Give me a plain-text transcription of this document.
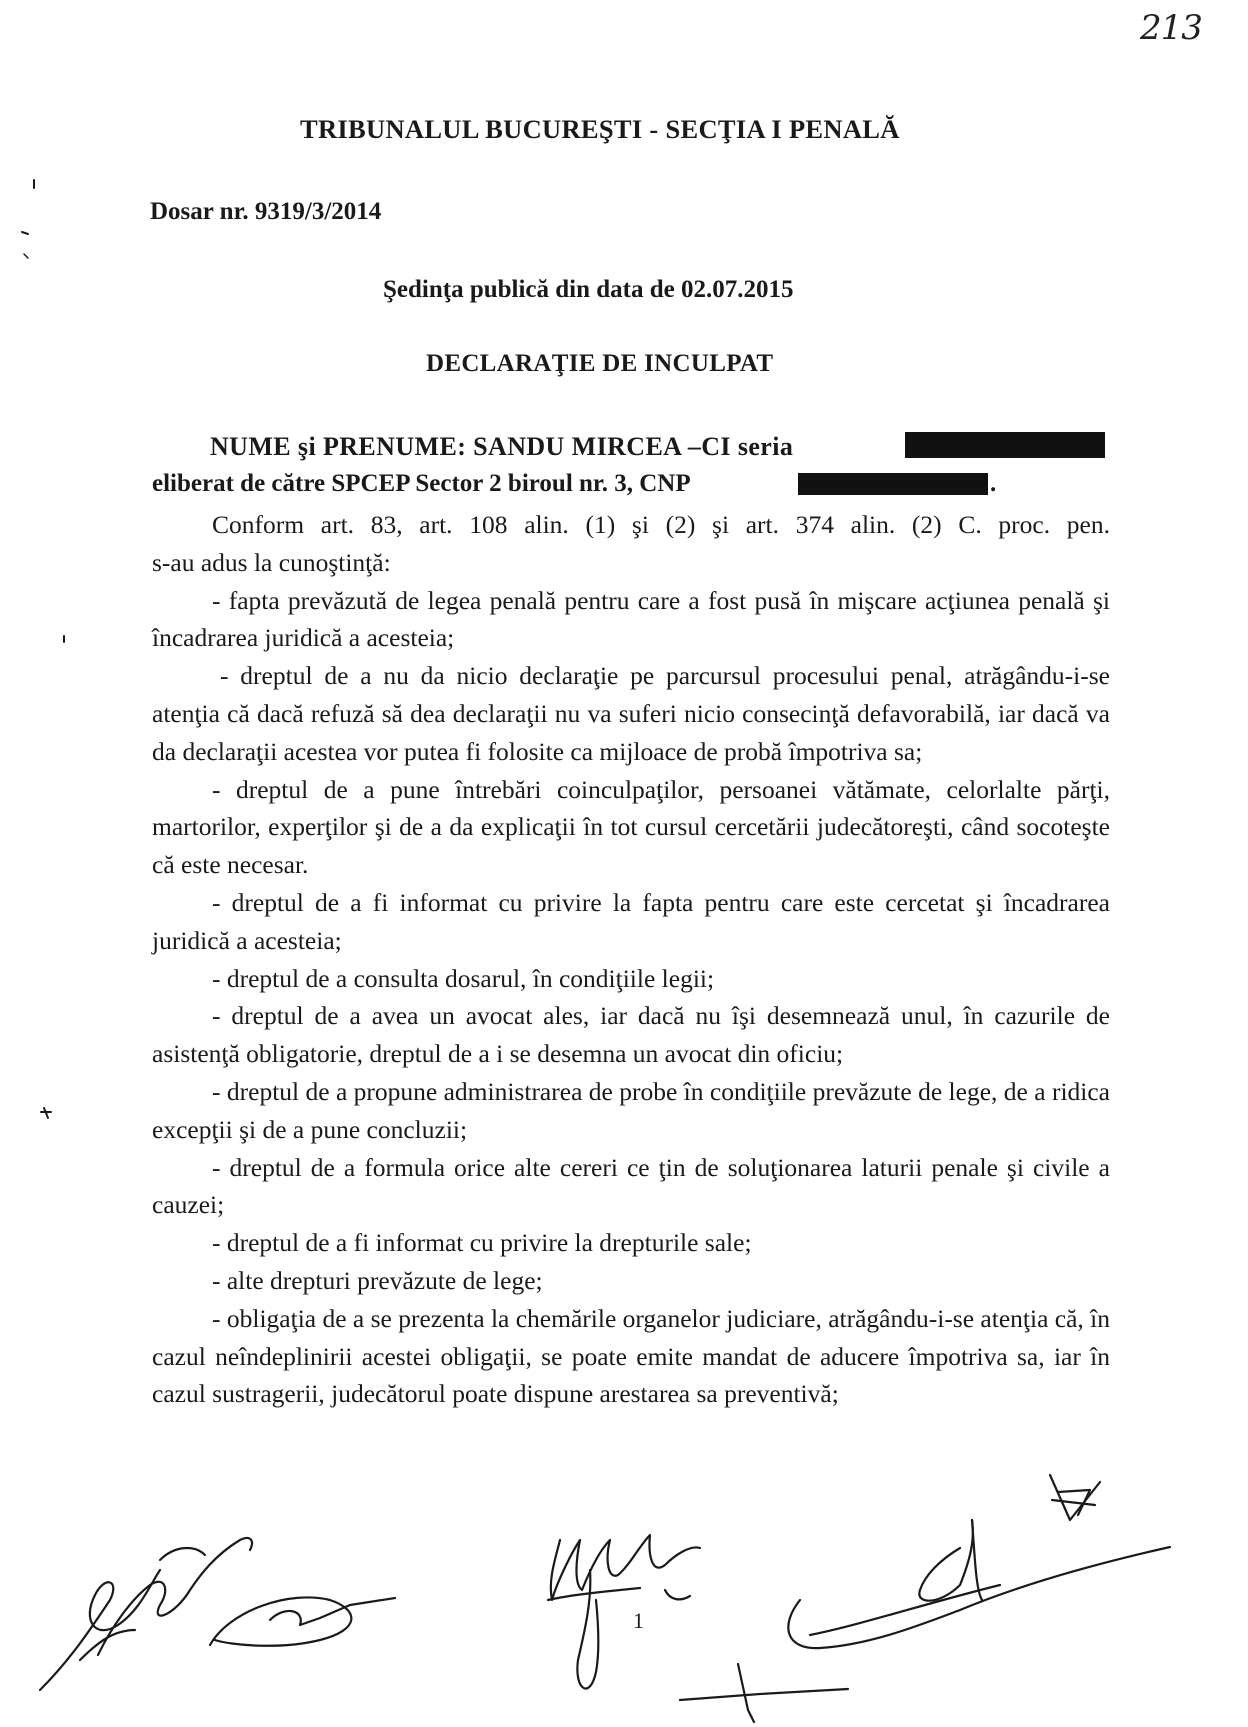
213
TRIBUNALUL BUCUREŞTI - SECŢIA I PENALĂ
Dosar nr. 9319/3/2014
Şedinţa publică din data de 02.07.2015
DECLARAŢIE DE INCULPAT
NUME şi PRENUME: SANDU MIRCEA –CI seria
eliberat de către SPCEP Sector 2 biroul nr. 3, CNP	.

Conform art. 83, art. 108 alin. (1) şi (2) şi art. 374 alin. (2) C. proc. pen.

s-au adus la cunoştinţă:

- fapta prevăzută de legea penală pentru care a fost pusă în mişcare acţiunea penală şi încadrarea juridică a acesteia;

- dreptul de a nu da nicio declaraţie pe parcursul procesului penal, atrăgându-i-se atenţia că dacă refuză să dea declaraţii nu va suferi nicio consecinţă defavorabilă, iar dacă va da declaraţii acestea vor putea fi folosite ca mijloace de probă împotriva sa;

- dreptul de a pune întrebări coinculpaţilor, persoanei vătămate, celorlalte părţi, martorilor, experţilor şi de a da explicaţii în tot cursul cercetării judecătoreşti, când socoteşte că este necesar.

- dreptul de a fi informat cu privire la fapta pentru care este cercetat şi încadrarea juridică a acesteia;

- dreptul de a consulta dosarul, în condiţiile legii;

- dreptul de a avea un avocat ales, iar dacă nu îşi desemnează unul, în cazurile de asistenţă obligatorie, dreptul de a i se desemna un avocat din oficiu;

- dreptul de a propune administrarea de probe în condiţiile prevăzute de lege, de a ridica excepţii şi de a pune concluzii;

- dreptul de a formula orice alte cereri ce ţin de soluţionarea laturii penale şi civile a cauzei;

- dreptul de a fi informat cu privire la drepturile sale;

- alte drepturi prevăzute de lege;

- obligaţia de a se prezenta la chemările organelor judiciare, atrăgându-i-se atenţia că, în cazul neîndeplinirii acestei obligaţii, se poate emite mandat de aducere împotriva sa, iar în cazul sustragerii, judecătorul poate dispune arestarea sa preventivă;

1
